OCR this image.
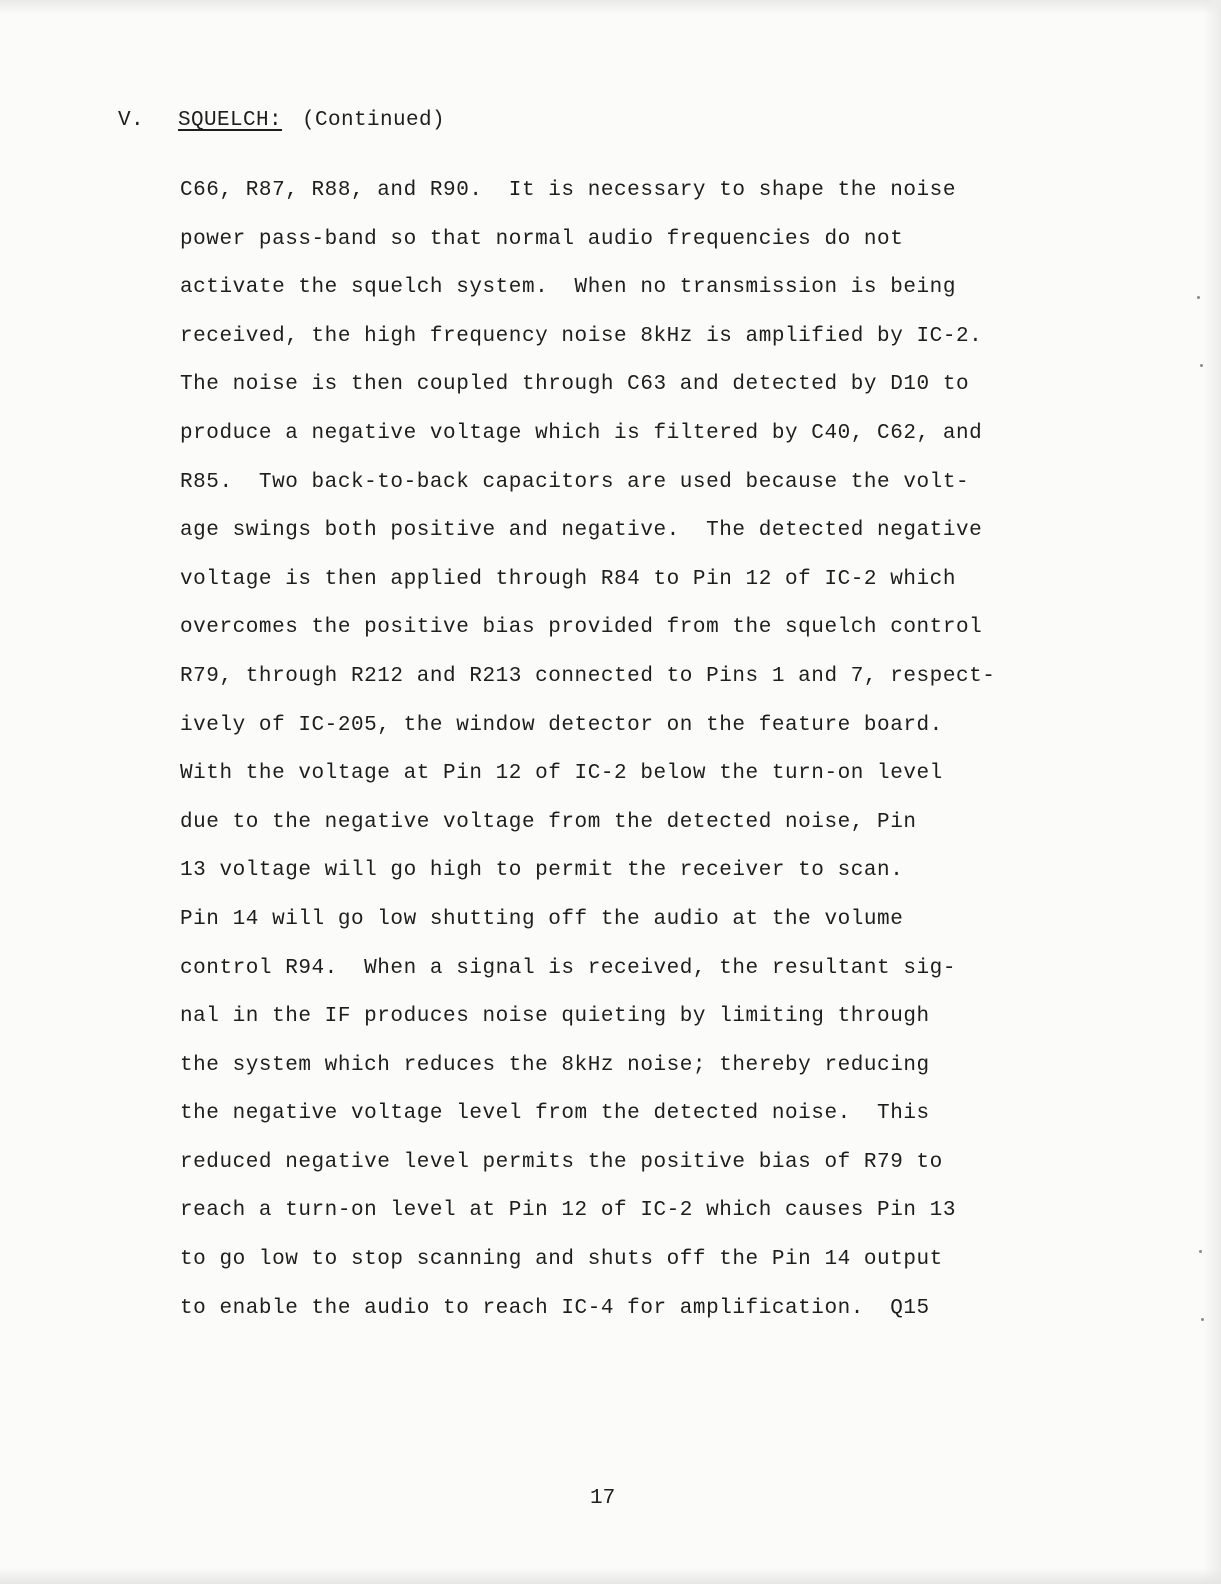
V. SQUELCH: (Continued)
C66, R87, R88, and R90.  It is necessary to shape the noise
power pass-band so that normal audio frequencies do not
activate the squelch system.  When no transmission is being
received, the high frequency noise 8kHz is amplified by IC-2.
The noise is then coupled through C63 and detected by D10 to
produce a negative voltage which is filtered by C40, C62, and
R85.  Two back-to-back capacitors are used because the volt-
age swings both positive and negative.  The detected negative
voltage is then applied through R84 to Pin 12 of IC-2 which
overcomes the positive bias provided from the squelch control
R79, through R212 and R213 connected to Pins 1 and 7, respect-
ively of IC-205, the window detector on the feature board.
With the voltage at Pin 12 of IC-2 below the turn-on level
due to the negative voltage from the detected noise, Pin
13 voltage will go high to permit the receiver to scan.
Pin 14 will go low shutting off the audio at the volume
control R94.  When a signal is received, the resultant sig-
nal in the IF produces noise quieting by limiting through
the system which reduces the 8kHz noise; thereby reducing
the negative voltage level from the detected noise.  This
reduced negative level permits the positive bias of R79 to
reach a turn-on level at Pin 12 of IC-2 which causes Pin 13
to go low to stop scanning and shuts off the Pin 14 output
to enable the audio to reach IC-4 for amplification.  Q15
17
